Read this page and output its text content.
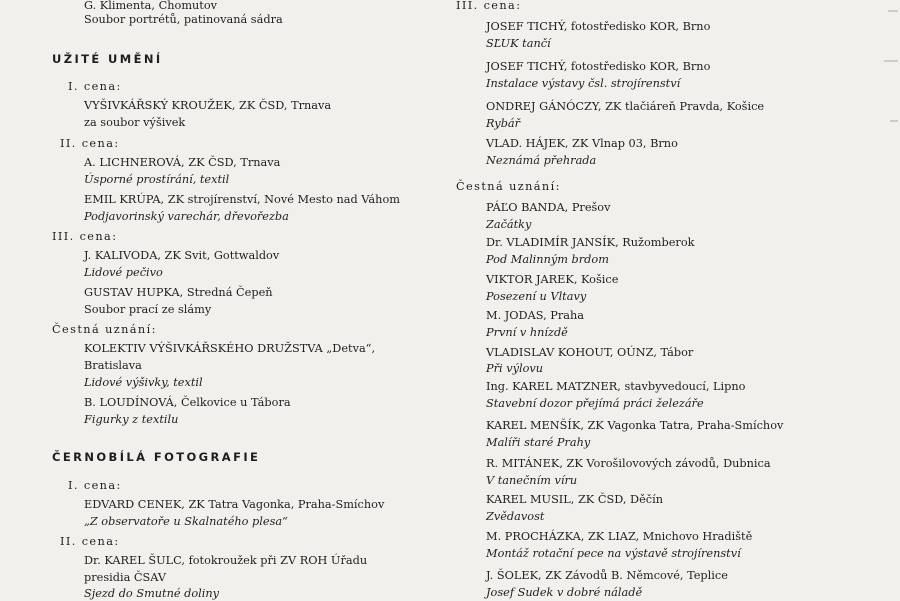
G. Klimenta, Chomutov
Soubor portrétů, patinovaná sádra
UŽITÉ UMĚNÍ
I. cena:
VYŠIVKÁŘSKÝ KROUŽEK, ZK ČSD, Trnava
za soubor výšivek
II. cena:
A. LICHNEROVÁ, ZK ČSD, Trnava
Úsporné prostírání, textil
EMIL KRÚPA, ZK strojírenství, Nové Mesto nad Váhom
Podjavorinský varechár, dřevořezba
III. cena:
J. KALIVODA, ZK Svit, Gottwaldov
Lidové pečivo
GUSTAV HUPKA, Stredná Čepeň
Soubor prací ze slámy
Čestná uznání:
KOLEKTIV VÝŠIVKÁŘSKÉHO DRUŽSTVA „Detva“,
Bratislava
Lidové výšivky, textil
B. LOUDÍNOVÁ, Čelkovice u Tábora
Figurky z textilu
ČERNOBÍLÁ FOTOGRAFIE
I. cena:
EDVARD CENEK, ZK Tatra Vagonka, Praha-Smíchov
„Z observatoře u Skalnatého plesa“
II. cena:
Dr. KAREL ŠULC, fotokroužek při ZV ROH Úřadu
presidia ČSAV
Sjezd do Smutné doliny
III. cena:
JOSEF TICHÝ, fotostředisko KOR, Brno
SĽUK tančí
JOSEF TICHÝ, fotostředisko KOR, Brno
Instalace výstavy čsl. strojírenství
ONDREJ GÁNÓCZY, ZK tlačiáreň Pravda, Košice
Rybář
VLAD. HÁJEK, ZK Vlnap 03, Brno
Neznámá přehrada
Čestná uznání:
PÁĽO BANDA, Prešov
Začátky
Dr. VLADIMÍR JANSÍK, Ružomberok
Pod Malinným brdom
VIKTOR JAREK, Košice
Posezení u Vltavy
M. JODAS, Praha
První v hnízdě
VLADISLAV KOHOUT, OÚNZ, Tábor
Při výlovu
Ing. KAREL MATZNER, stavbyvedoucí, Lipno
Stavební dozor přejímá práci železáře
KAREL MENŠÍK, ZK Vagonka Tatra, Praha-Smíchov
Malíři staré Prahy
R. MITÁNEK, ZK Vorošilovových závodů, Dubnica
V tanečním víru
KAREL MUSIL, ZK ČSD, Děčín
Zvědavost
M. PROCHÁZKA, ZK LIAZ, Mnichovo Hradiště
Montáž rotační pece na výstavě strojírenství
J. ŠOLEK, ZK Závodů B. Němcové, Teplice
Josef Sudek v dobré náladě
